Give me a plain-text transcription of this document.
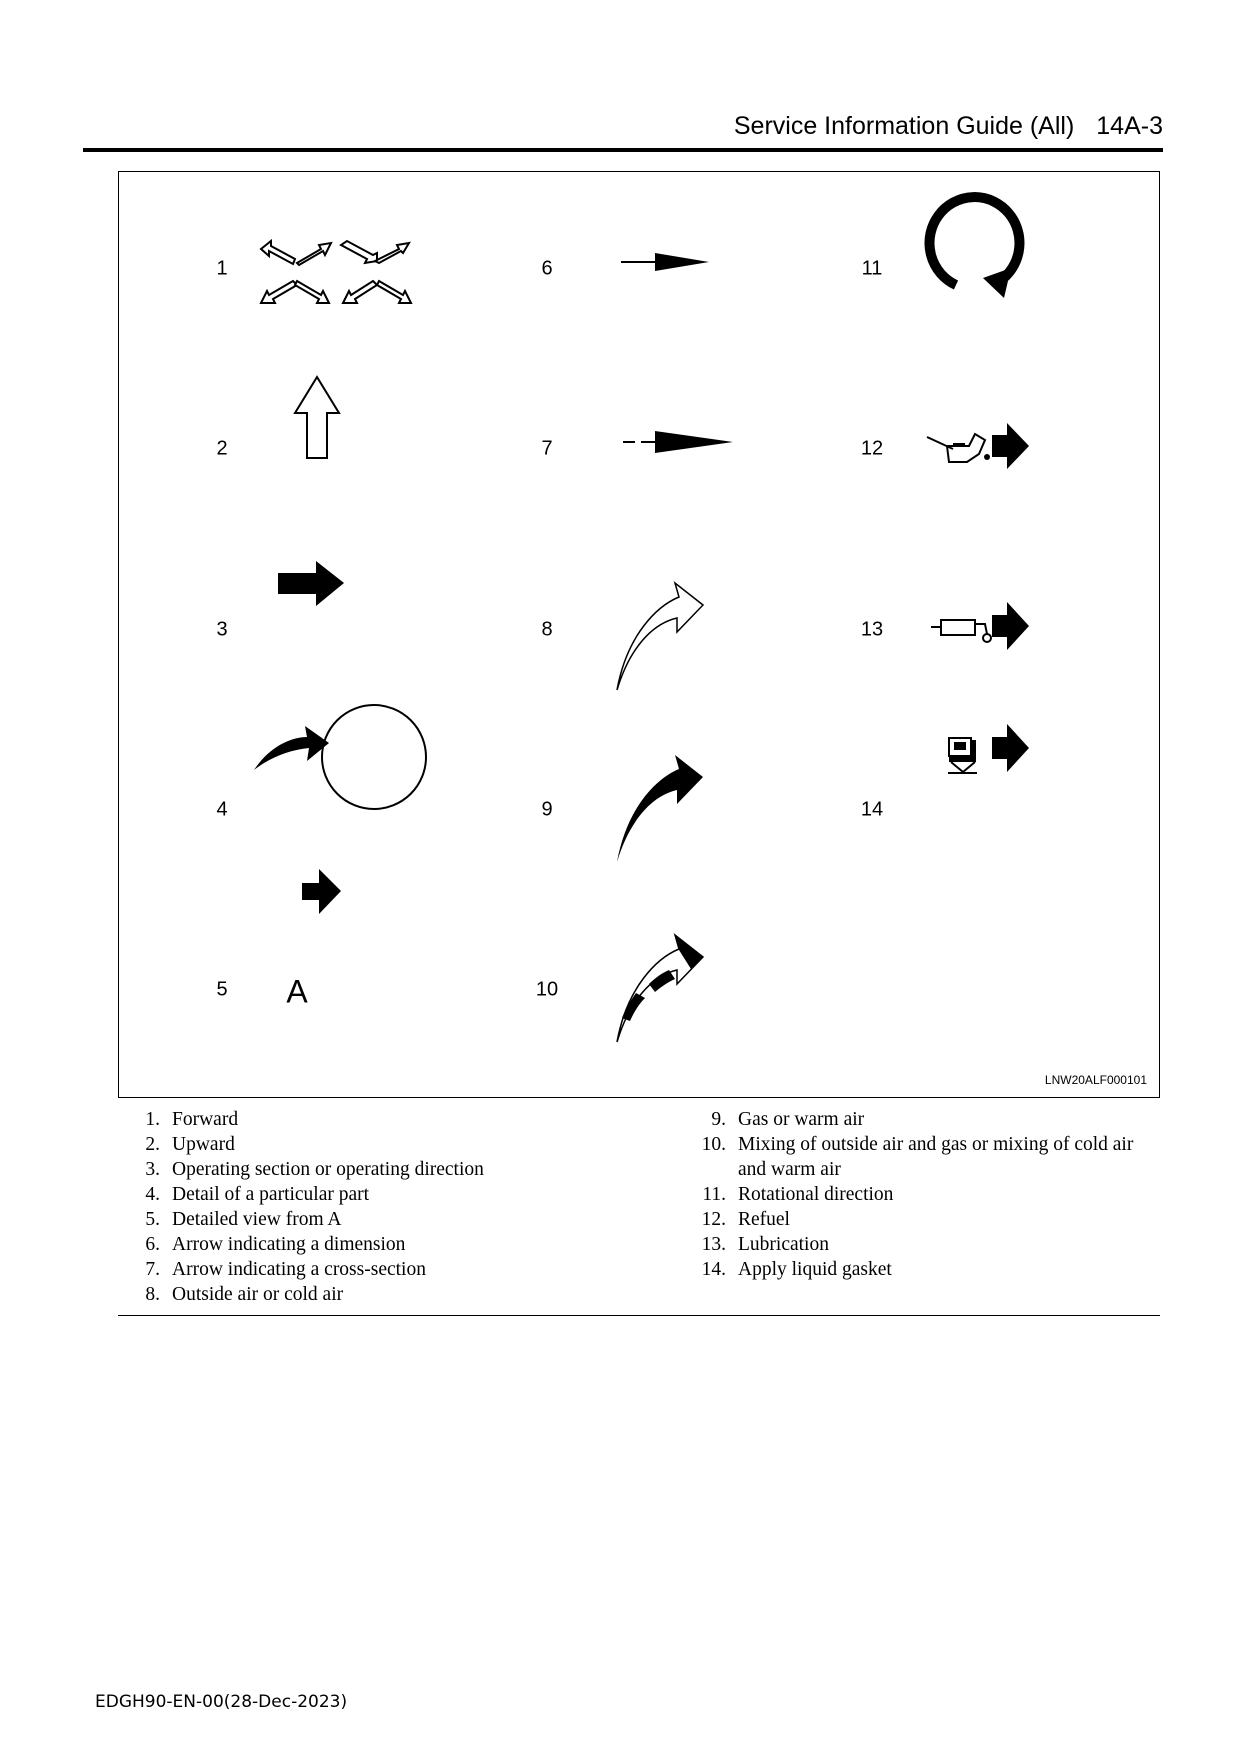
Service Information Guide (All) 14A-3
1
2
3
4
5
6
7
8
9
10
11
12
13
14
A
LNW20ALF000101
1. Forward
2. Upward
3. Operating section or operating direction
4. Detail of a particular part
5. Detailed view from A
6. Arrow indicating a dimension
7. Arrow indicating a cross-section
8. Outside air or cold air
9. Gas or warm air
10. Mixing of outside air and gas or mixing of cold air and warm air
11. Rotational direction
12. Refuel
13. Lubrication
14. Apply liquid gasket
EDGH90-EN-00(28-Dec-2023)
